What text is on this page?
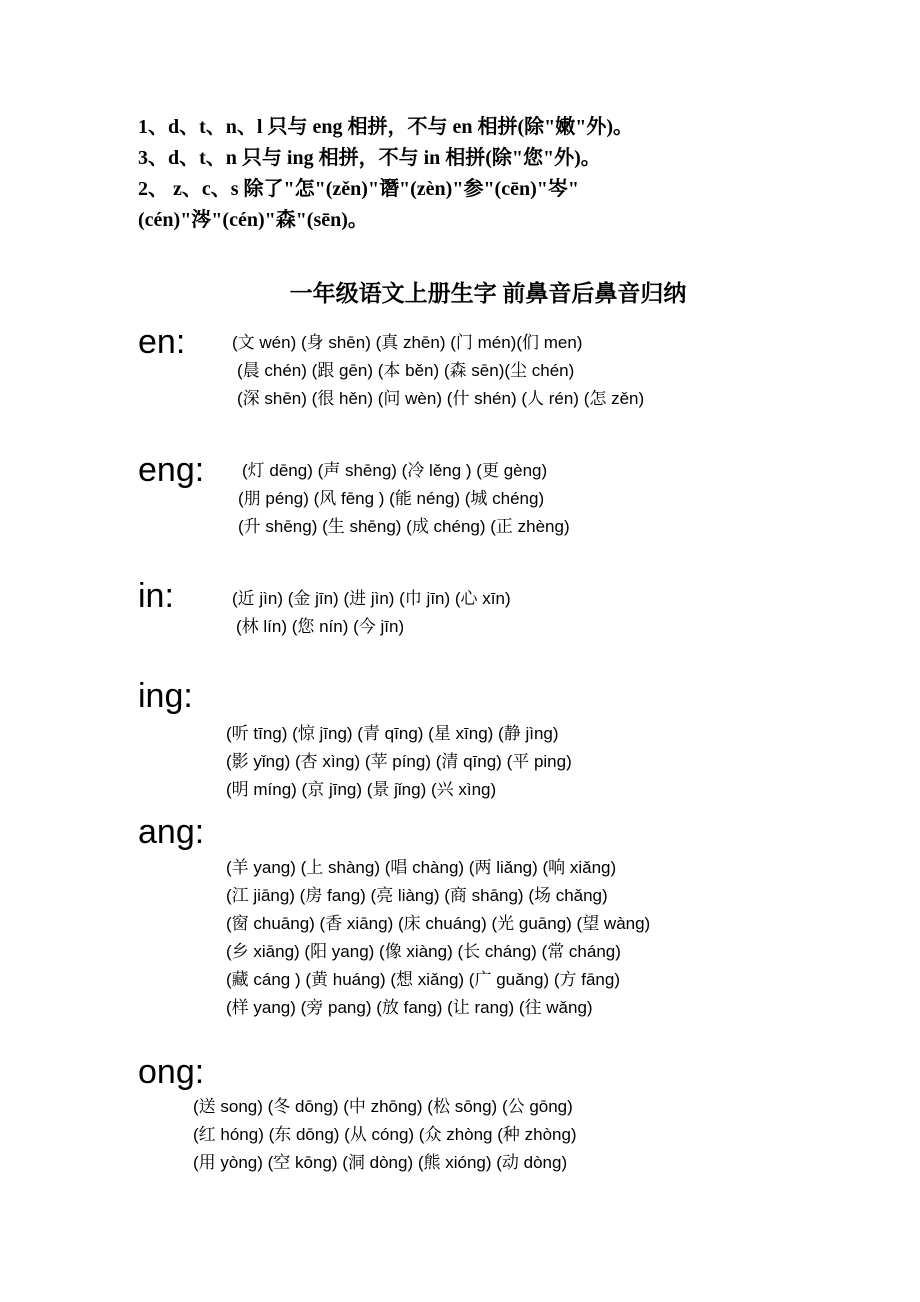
1、d、t、n、l 只与 eng 相拼，不与 en 相拼(除"嫩"外)。

3、d、t、n 只与 ing 相拼，不与 in 相拼(除"您"外)。

2、 z、c、s 除了"怎"(zěn)"谮"(zèn)"参"(cēn)"岑"

(cén)"涔"(cén)"森"(sēn)。

一年级语文上册生字 前鼻音后鼻音归纳
en:	(文 wén) (身 shēn) (真 zhēn) (门 mén)(们 men)
(晨 chén) (跟 gēn) (本 běn) (森 sēn)(尘 chén)
(深 shēn) (很 hěn) (问 wèn) (什 shén) (人 rén) (怎 zěn)
eng: (灯 dēng) (声 shēng) (冷 lěng ) (更 gèng)
(朋 péng) (风 fēng ) (能 néng) (城 chéng)
(升 shēng) (生 shēng) (成 chéng) (正 zhèng)
in:	(近 jìn) (金 jīn) (进 jìn) (巾 jīn) (心 xīn)
(林 lín) (您 nín) (今 jīn)
ing:
(听 tīng) (惊 jīng) (青 qīng) (星 xīng) (静 jìng)
(影 yǐng) (杏 xìng) (苹 píng) (清 qīng) (平 ping)
(明 míng) (京 jīng) (景 jǐng) (兴 xìng)
ang:
(羊 yang) (上 shàng) (唱 chàng) (两 liǎng) (响 xiǎng)
(江 jiāng) (房 fang) (亮 liàng) (商 shāng) (场 chǎng)
(窗 chuāng) (香 xiāng) (床 chuáng) (光 guāng) (望 wàng)
(乡 xiāng) (阳 yang) (像 xiàng) (长 cháng) (常 cháng)
(藏 cáng ) (黄 huáng) (想 xiǎng) (广 guǎng) (方 fāng)
(样 yang) (旁 pang) (放 fang) (让 rang) (往 wǎng)
ong:
(送 song) (冬 dōng) (中 zhōng) (松 sōng) (公 gōng)
(红 hóng) (东 dōng) (从 cóng) (众 zhòng (种 zhòng)
(用 yòng) (空 kōng) (洞 dòng) (熊 xióng) (动 dòng)
